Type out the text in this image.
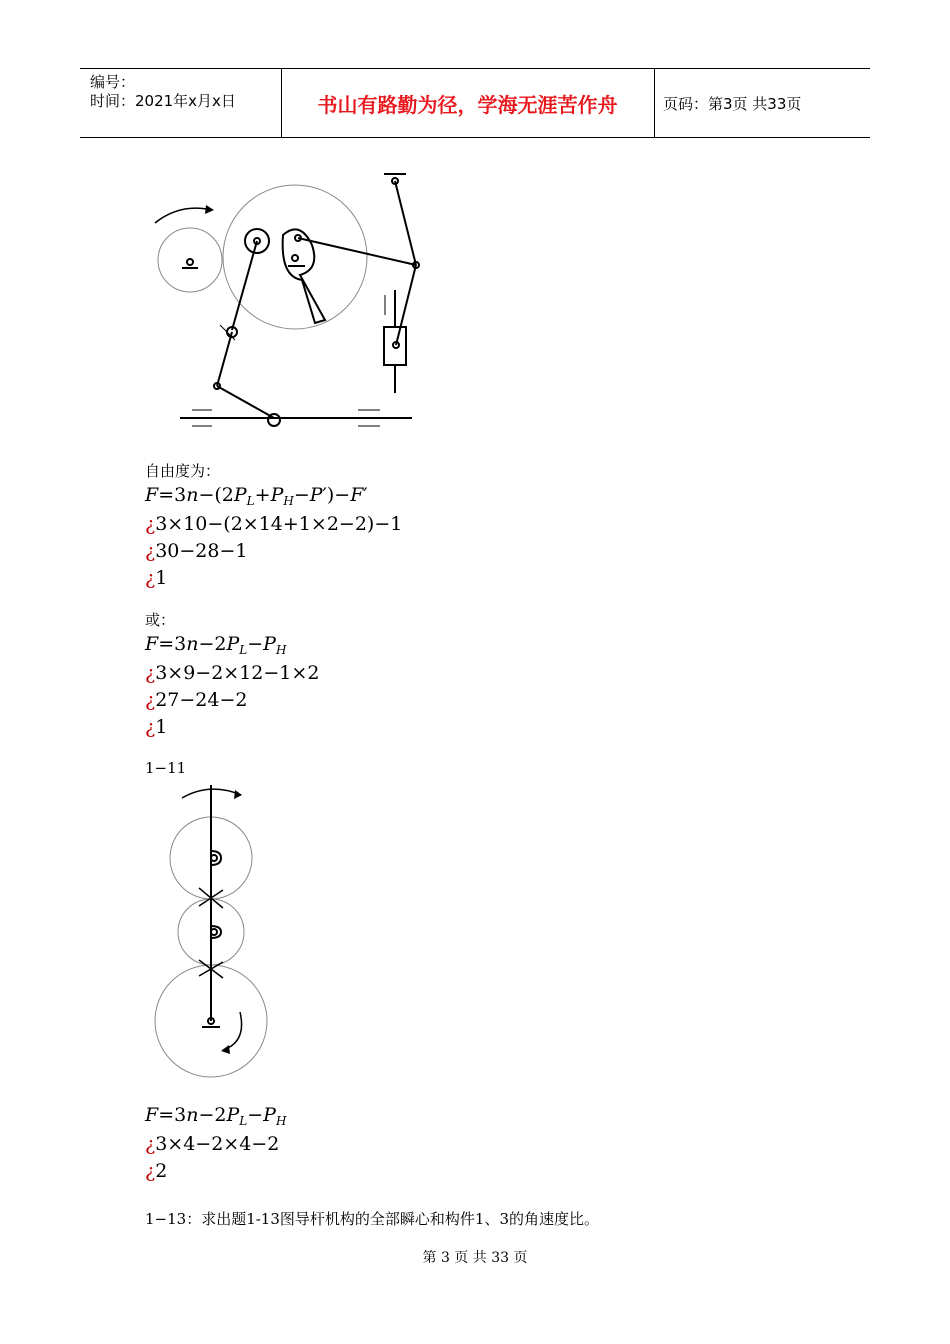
编号：
时间：2021年x月x日	书山有路勤为径，学海无涯苦作舟	页码：第3页 共33页
自由度为：
$F=3n-(2P_L+P_H-P')-F'$
¿3×10−(2×14+1×2−2)−1
¿30−28−1
¿1
或：
$F=3n-2P_L-P_H$
¿3×9−2×12−1×2
¿27−24−2
¿1
1−11
$F=3n-2P_L-P_H$
¿3×4−2×4−2
¿2
1−13：求出题1-13图导杆机构的全部瞬心和构件1、3的角速度比。
第 3 页 共 33 页
